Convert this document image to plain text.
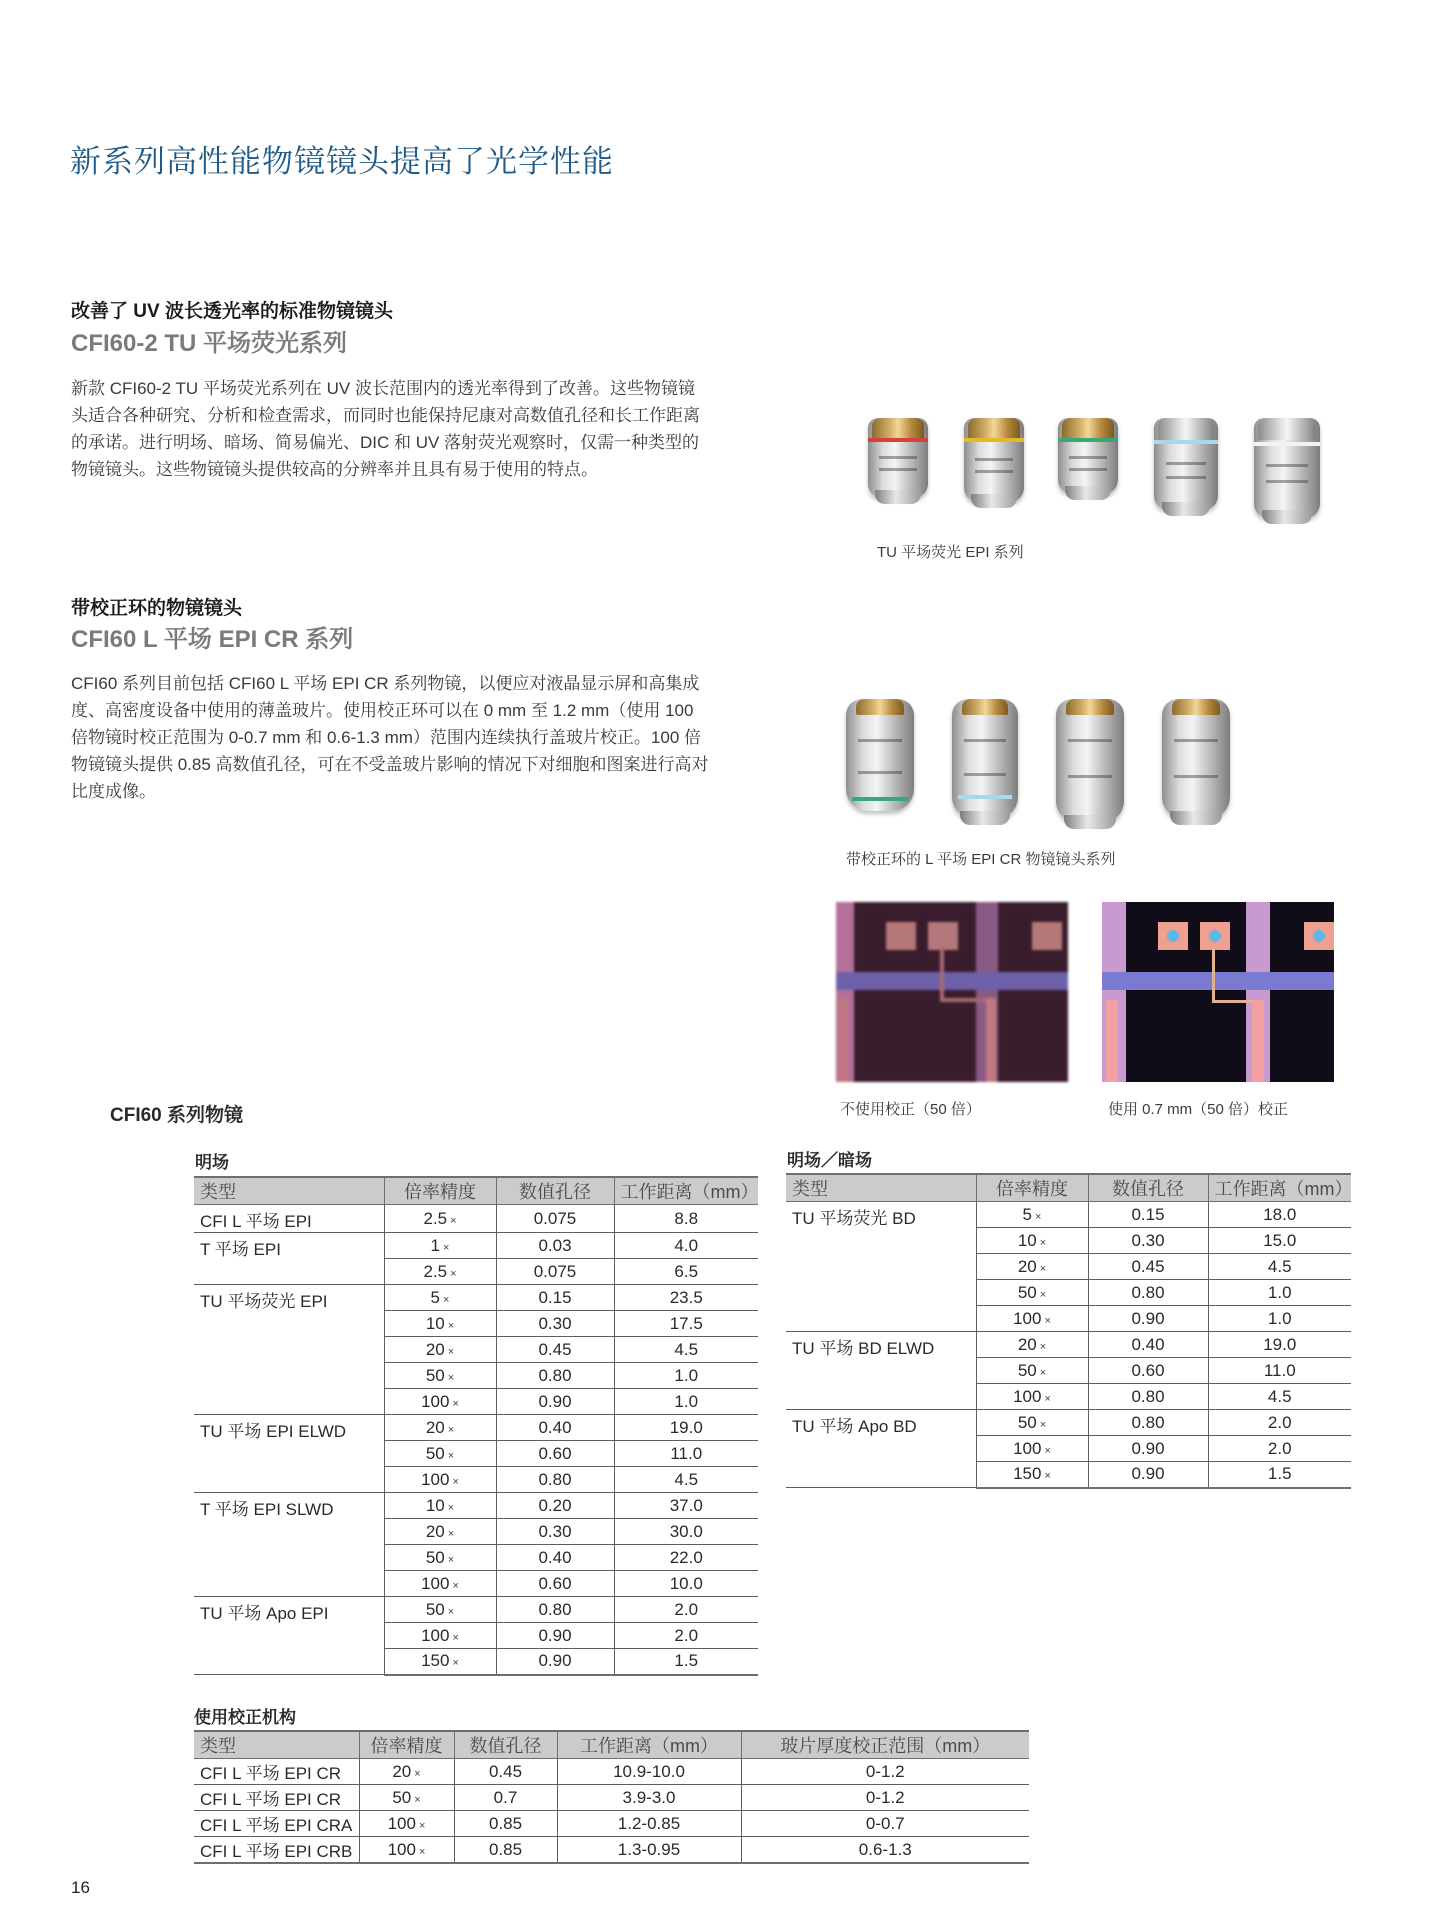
新系列高性能物镜镜头提高了光学性能
改善了 UV 波长透光率的标准物镜镜头
CFI60-2 TU 平场荧光系列
新款 CFI60-2 TU 平场荧光系列在 UV 波长范围内的透光率得到了改善。这些物镜镜
头适合各种研究、分析和检查需求，而同时也能保持尼康对高数值孔径和长工作距离
的承诺。进行明场、暗场、简易偏光、DIC 和 UV 落射荧光观察时，仅需一种类型的
物镜镜头。这些物镜镜头提供较高的分辨率并且具有易于使用的特点。
TU 平场荧光 EPI 系列
带校正环的物镜镜头
CFI60 L 平场 EPI CR 系列
CFI60 系列目前包括 CFI60 L 平场 EPI CR 系列物镜，以便应对液晶显示屏和高集成
度、高密度设备中使用的薄盖玻片。使用校正环可以在 0 mm 至 1.2 mm（使用 100
倍物镜时校正范围为 0-0.7 mm 和 0.6-1.3 mm）范围内连续执行盖玻片校正。100 倍
物镜镜头提供 0.85 高数值孔径，可在不受盖玻片影响的情况下对细胞和图案进行高对
比度成像。
带校正环的 L 平场 EPI CR 物镜镜头系列
不使用校正（50 倍）	使用 0.7 mm（50 倍）校正
CFI60 系列物镜
明场
类型	倍率精度	数值孔径	工作距离（mm）
CFI L 平场 EPI	2.5 ×	0.075	8.8
T 平场 EPI	1 ×	0.03	4.0
	2.5 ×	0.075	6.5
TU 平场荧光 EPI	5 ×	0.15	23.5
	10 ×	0.30	17.5
	20 ×	0.45	4.5
	50 ×	0.80	1.0
	100 ×	0.90	1.0
TU 平场 EPI ELWD	20 ×	0.40	19.0
	50 ×	0.60	11.0
	100 ×	0.80	4.5
T 平场 EPI SLWD	10 ×	0.20	37.0
	20 ×	0.30	30.0
	50 ×	0.40	22.0
	100 ×	0.60	10.0
TU 平场 Apo EPI	50 ×	0.80	2.0
	100 ×	0.90	2.0
	150 ×	0.90	1.5
明场／暗场
类型	倍率精度	数值孔径	工作距离（mm）
TU 平场荧光 BD	5 ×	0.15	18.0
	10 ×	0.30	15.0
	20 ×	0.45	4.5
	50 ×	0.80	1.0
	100 ×	0.90	1.0
TU 平场 BD ELWD	20 ×	0.40	19.0
	50 ×	0.60	11.0
	100 ×	0.80	4.5
TU 平场 Apo BD	50 ×	0.80	2.0
	100 ×	0.90	2.0
	150 ×	0.90	1.5
使用校正机构
类型	倍率精度	数值孔径	工作距离（mm）	玻片厚度校正范围（mm）
CFI L 平场 EPI CR	20 ×	0.45	10.9-10.0	0-1.2
CFI L 平场 EPI CR	50 ×	0.7	3.9-3.0	0-1.2
CFI L 平场 EPI CRA	100 ×	0.85	1.2-0.85	0-0.7
CFI L 平场 EPI CRB	100 ×	0.85	1.3-0.95	0.6-1.3
16
